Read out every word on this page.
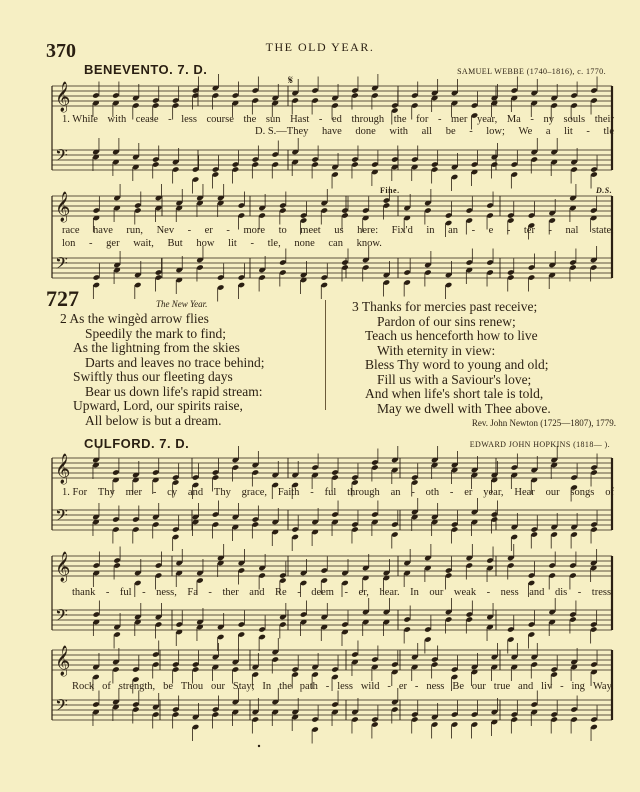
370	THE OLD YEAR.
BENEVENTO. 7. D.	SAMUEL WEBBE (1740–1816), c. 1770.
𝄞
𝄢
𝄞
𝄢
𝄞
𝄢
𝄞
𝄢
𝄞
𝄢
𝄋
1. While with cease - less course the sun Hast - ed through the for - mer year, Ma - ny souls their
D. S.—They have done with all be - low; We a lit - tle
race have run, Nev - er - more to meet us here: Fix'd in an - e - ter - nal state,
lon - ger wait, But how lit - tle, none can know.
Fine.	D.S.
727	The New Year.
2 As the wingèd arrow flies
Speedily the mark to find;
As the lightning from the skies
Darts and leaves no trace behind;
Swiftly thus our fleeting days
Bear us down life's rapid stream:
Upward, Lord, our spirits raise,
All below is but a dream.
3 Thanks for mercies past receive;
Pardon of our sins renew;
Teach us henceforth how to live
With eternity in view:
Bless Thy word to young and old;
Fill us with a Saviour's love;
And when life's short tale is told,
May we dwell with Thee above.
Rev. John Newton (1725—1807), 1779.
CULFORD. 7. D.	EDWARD JOHN HOPKINS (1818— ).
1. For Thy mer - cy and Thy grace, Faith - ful through an - oth - er year, Hear our songs of
thank - ful - ness, Fa - ther and Re - deem - er, hear. In our weak - ness and dis - tress,
Rock of strength, be Thou our Stay; In the path - less wild - er - ness Be our true and liv - ing Way.
